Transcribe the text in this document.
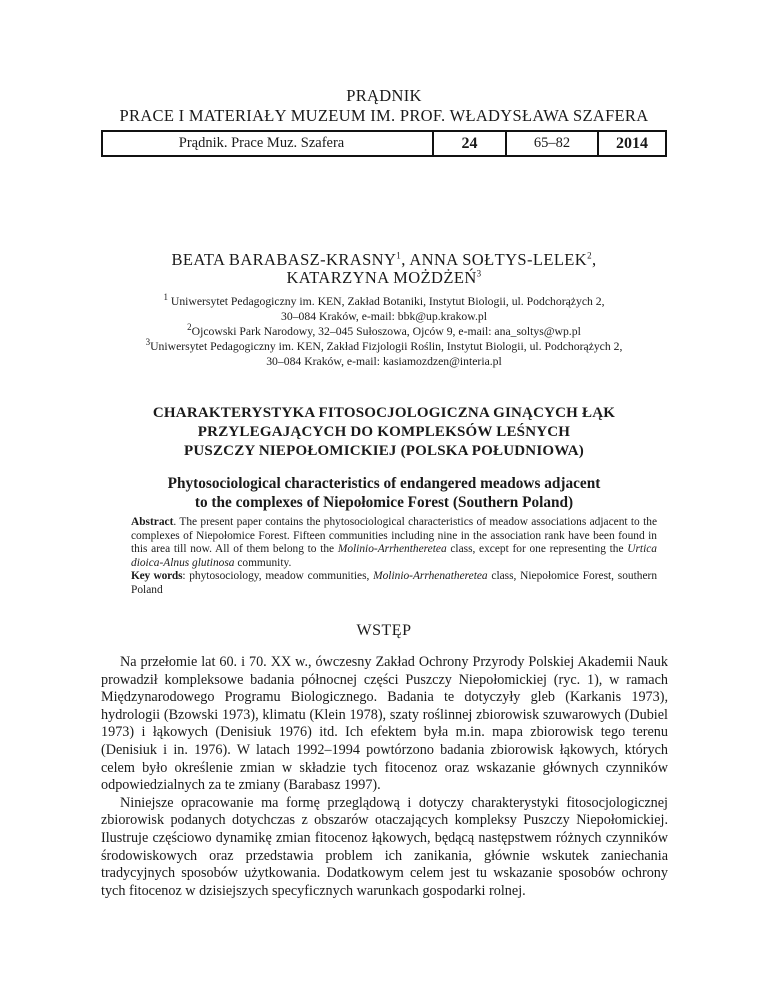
PRĄDNIK
PRACE I MATERIAŁY MUZEUM IM. PROF. WŁADYSŁAWA SZAFERA
Prądnik. Prace Muz. Szafera		24	65–82	2014
BEATA BARABASZ-KRASNY$^1$, ANNA SOŁTYS-LELEK$^2$,
KATARZYNA MOŻDŻEŃ$^3$
$^1$ Uniwersytet Pedagogiczny im. KEN, Zakład Botaniki, Instytut Biologii, ul. Podchorążych 2,
30–084 Kraków, e-mail: bbk@up.krakow.pl
$^2$Ojcowski Park Narodowy, 32–045 Sułoszowa, Ojców 9, e-mail: ana_soltys@wp.pl
$^3$Uniwersytet Pedagogiczny im. KEN, Zakład Fizjologii Roślin, Instytut Biologii, ul. Podchorążych 2,
30–084 Kraków, e-mail: kasiamozdzen@interia.pl
CHARAKTERYSTYKA FITOSOCJOLOGICZNA GINĄCYCH ŁĄK
PRZYLEGAJĄCYCH DO KOMPLEKSÓW LEŚNYCH
PUSZCZY NIEPOŁOMICKIEJ (POLSKA POŁUDNIOWA)
Phytosociological characteristics of endangered meadows adjacent
to the complexes of Niepołomice Forest (Southern Poland)
Abstract. The present paper contains the phytosociological characteristics of meadow associations adjacent to the complexes of Niepołomice Forest. Fifteen communities including nine in the association rank have been found in this area till now. All of them belong to the Molinio-Arrhentheretea class, except for one representing the Urtica dioica-Alnus glutinosa community.
Key words: phytosociology, meadow communities, Molinio-Arrhenatheretea class, Niepołomice Forest, southern Poland
WSTĘP

Na przełomie lat 60. i 70. XX w., ówczesny Zakład Ochrony Przyrody Polskiej Akademii Nauk prowadził kompleksowe badania północnej części Puszczy Niepołomickiej (ryc. 1), w ramach Międzynarodowego Programu Biologicznego. Badania te dotyczyły gleb (Karkanis 1973), hydrologii (Bzowski 1973), klimatu (Klein 1978), szaty roślinnej zbiorowisk szuwarowych (Dubiel 1973) i łąkowych (Denisiuk 1976) itd. Ich efektem była m.in. mapa zbiorowisk tego terenu (Denisiuk i in. 1976). W latach 1992–1994 powtórzono badania zbiorowisk łąkowych, których celem było określenie zmian w składzie tych fitocenoz oraz wskazanie głównych czynników odpowiedzialnych za te zmiany (Barabasz 1997).

Niniejsze opracowanie ma formę przeglądową i dotyczy charakterystyki fitosocjologicznej zbiorowisk podanych dotychczas z obszarów otaczających kompleksy Puszczy Niepołomickiej. Ilustruje częściowo dynamikę zmian fitocenoz łąkowych, będącą następstwem różnych czynników środowiskowych oraz przedstawia problem ich zanikania, głównie wskutek zaniechania tradycyjnych sposobów użytkowania. Dodatkowym celem jest tu wskazanie sposobów ochrony tych fitocenoz w dzisiejszych specyficznych warunkach gospodarki rolnej.
